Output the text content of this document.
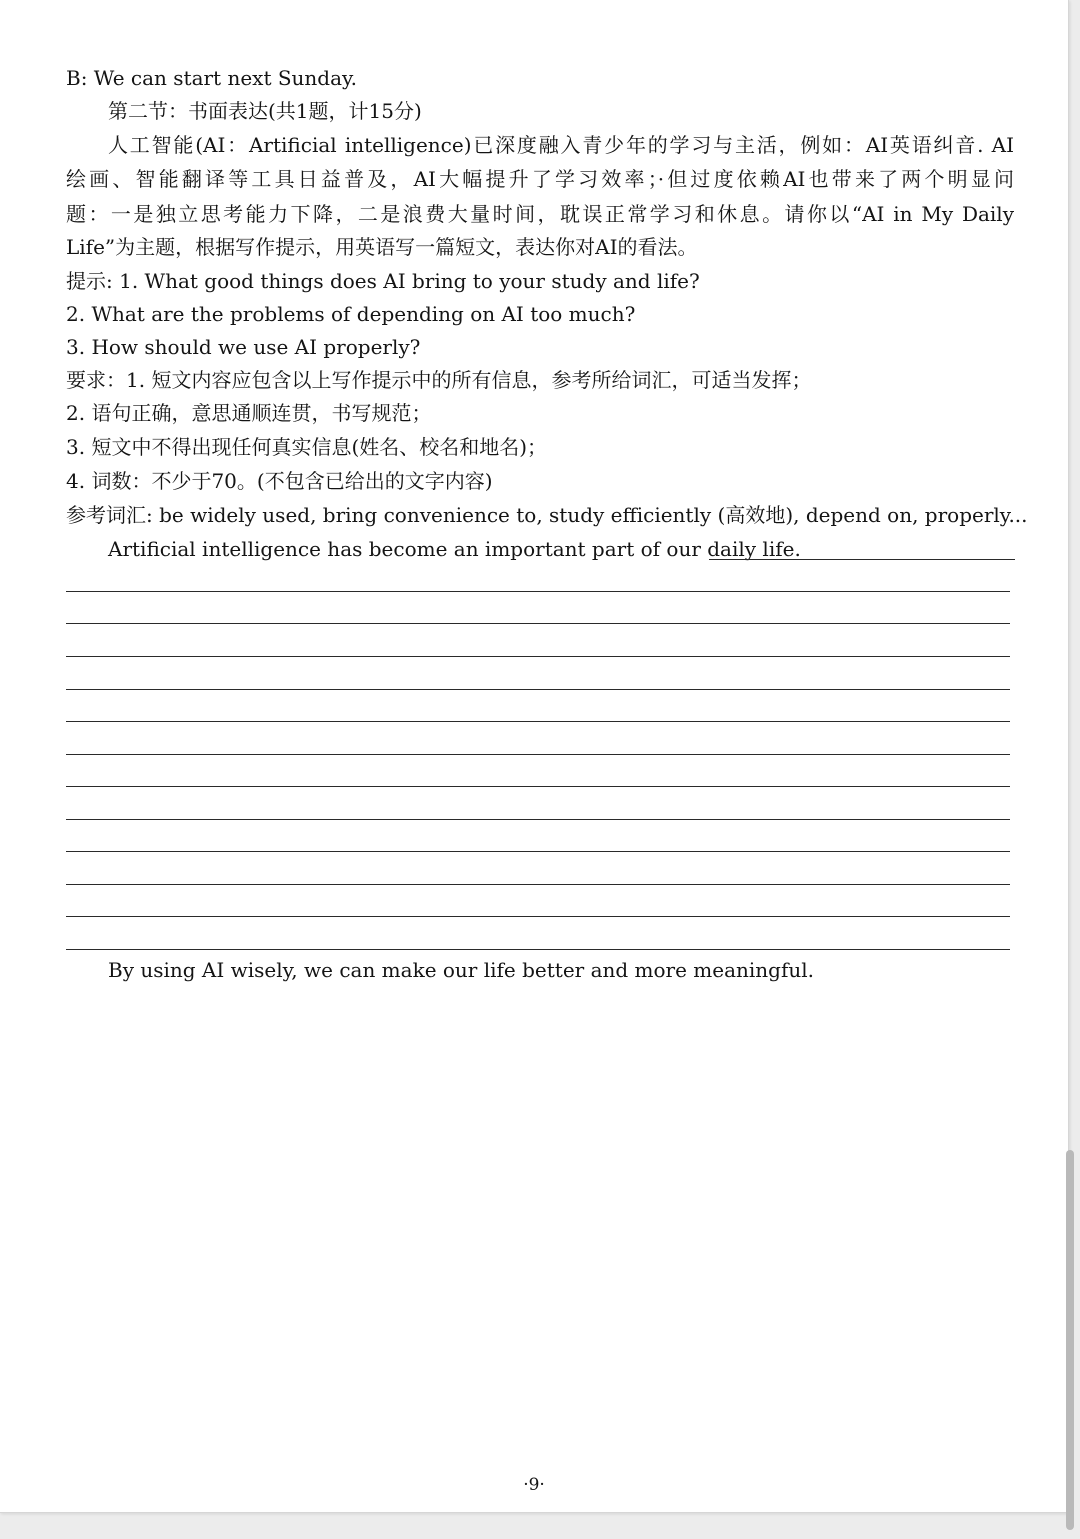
B: We can start next Sunday.
第二节：书面表达(共1题，计15分)
人工智能(AI：Artificial intelligence)已深度融入青少年的学习与主活，例如：AI英语纠音. AI
绘画、智能翻译等工具日益普及，AI大幅提升了学习效率；·但过度依赖AI也带来了两个明显问
题：一是独立思考能力下降，二是浪费大量时间，耽误正常学习和休息。请你以“AI in My Daily
Life”为主题，根据写作提示，用英语写一篇短文，表达你对AI的看法。
提示: 1. What good things does AI bring to your study and life?
2. What are the problems of depending on AI too much?
3. How should we use AI properly?
要求：1. 短文内容应包含以上写作提示中的所有信息，参考所给词汇，可适当发挥；
2. 语句正确，意思通顺连贯，书写规范；
3. 短文中不得出现任何真实信息(姓名、校名和地名)；
4. 词数：不少于70。(不包含已给出的文字内容)
参考词汇: be widely used, bring convenience to, study efficiently (高效地), depend on, properly...
Artificial intelligence has become an important part of our daily life.
By using AI wisely, we can make our life better and more meaningful.
·9·
